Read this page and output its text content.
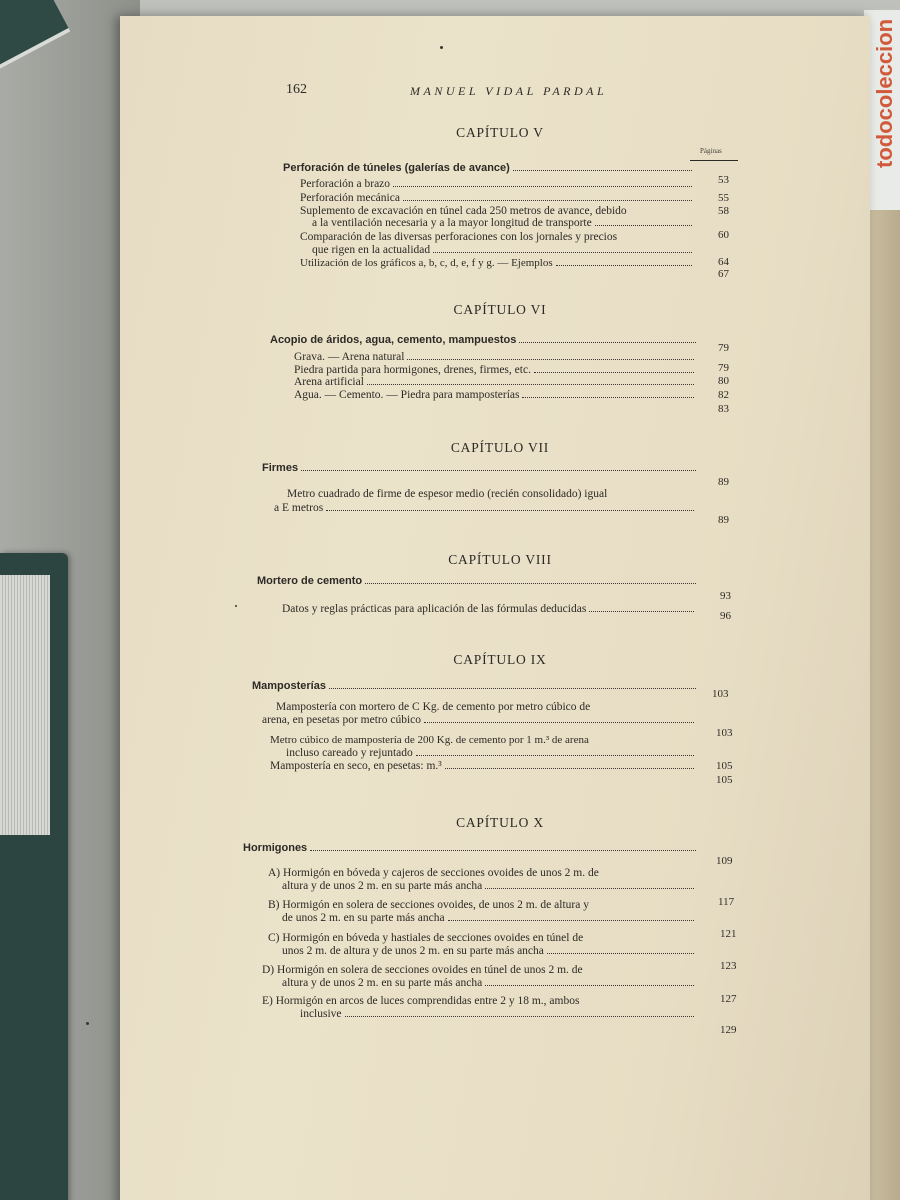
todocoleccion
162	MANUEL VIDAL PARDAL
Páginas
CAPÍTULO V
Perforación de túneles (galerías de avance)
53
Perforación a brazo
55
Perforación mecánica
58
Suplemento de excavación en túnel cada 250 metros de avance, debido
a la ventilación necesaria y a la mayor longitud de transporte
60
Comparación de las diversas perforaciones con los jornales y precios
que rigen en la actualidad
64
Utilización de los gráficos a, b, c, d, e, f y g. — Ejemplos
67
CAPÍTULO VI
Acopio de áridos, agua, cemento, mampuestos
79
Grava. — Arena natural
79
Piedra partida para hormigones, drenes, firmes, etc.
80
Arena artificial
82
Agua. — Cemento. — Piedra para mamposterías
83
CAPÍTULO VII
Firmes
89
Metro cuadrado de firme de espesor medio (recién consolidado) igual
a E metros
89
CAPÍTULO VIII
Mortero de cemento
93
Datos y reglas prácticas para aplicación de las fórmulas deducidas
96
CAPÍTULO IX
Mamposterías
103
Mampostería con mortero de C Kg. de cemento por metro cúbico de
arena, en pesetas por metro cúbico
103
Metro cúbico de mampostería de 200 Kg. de cemento por 1 m.³ de arena
incluso careado y rejuntado
105
Mampostería en seco, en pesetas: m.³
105
CAPÍTULO X
Hormigones
109
A) Hormigón en bóveda y cajeros de secciones ovoides de unos 2 m. de
altura y de unos 2 m. en su parte más ancha
117
B) Hormigón en solera de secciones ovoides, de unos 2 m. de altura y
de unos 2 m. en su parte más ancha
121
C) Hormigón en bóveda y hastiales de secciones ovoides en túnel de
unos 2 m. de altura y de unos 2 m. en su parte más ancha
123
D) Hormigón en solera de secciones ovoides en túnel de unos 2 m. de
altura y de unos 2 m. en su parte más ancha
127
E) Hormigón en arcos de luces comprendidas entre 2 y 18 m., ambos
inclusive
129
